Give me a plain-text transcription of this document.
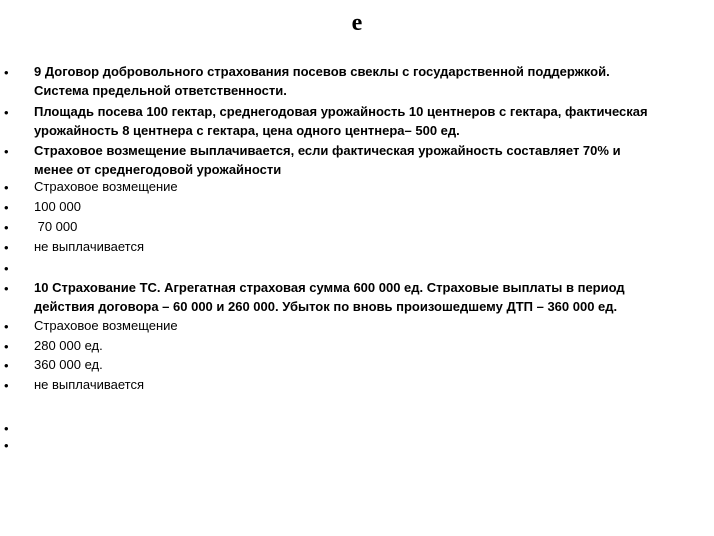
е
• 9 Договор добровольного страхования посевов свеклы с государственной поддержкой.
Система предельной ответственности.
• Площадь посева 100 гектар, среднегодовая урожайность 10 центнеров с гектара, фактическая
урожайность 8 центнера с гектара, цена одного центнера– 500 ед.
• Страховое возмещение выплачивается, если фактическая урожайность составляет 70% и
менее от среднегодовой урожайности
• Страховое возмещение
• 100 000
• 70 000
• не выплачивается
•
• 10 Страхование ТС. Агрегатная страховая сумма 600 000 ед. Страховые выплаты в период
действия договора – 60 000 и 260 000. Убыток по вновь произошедшему ДТП – 360 000 ед.
• Страховое возмещение
• 280 000 ед.
• 360 000 ед.
• не выплачивается
•
•
